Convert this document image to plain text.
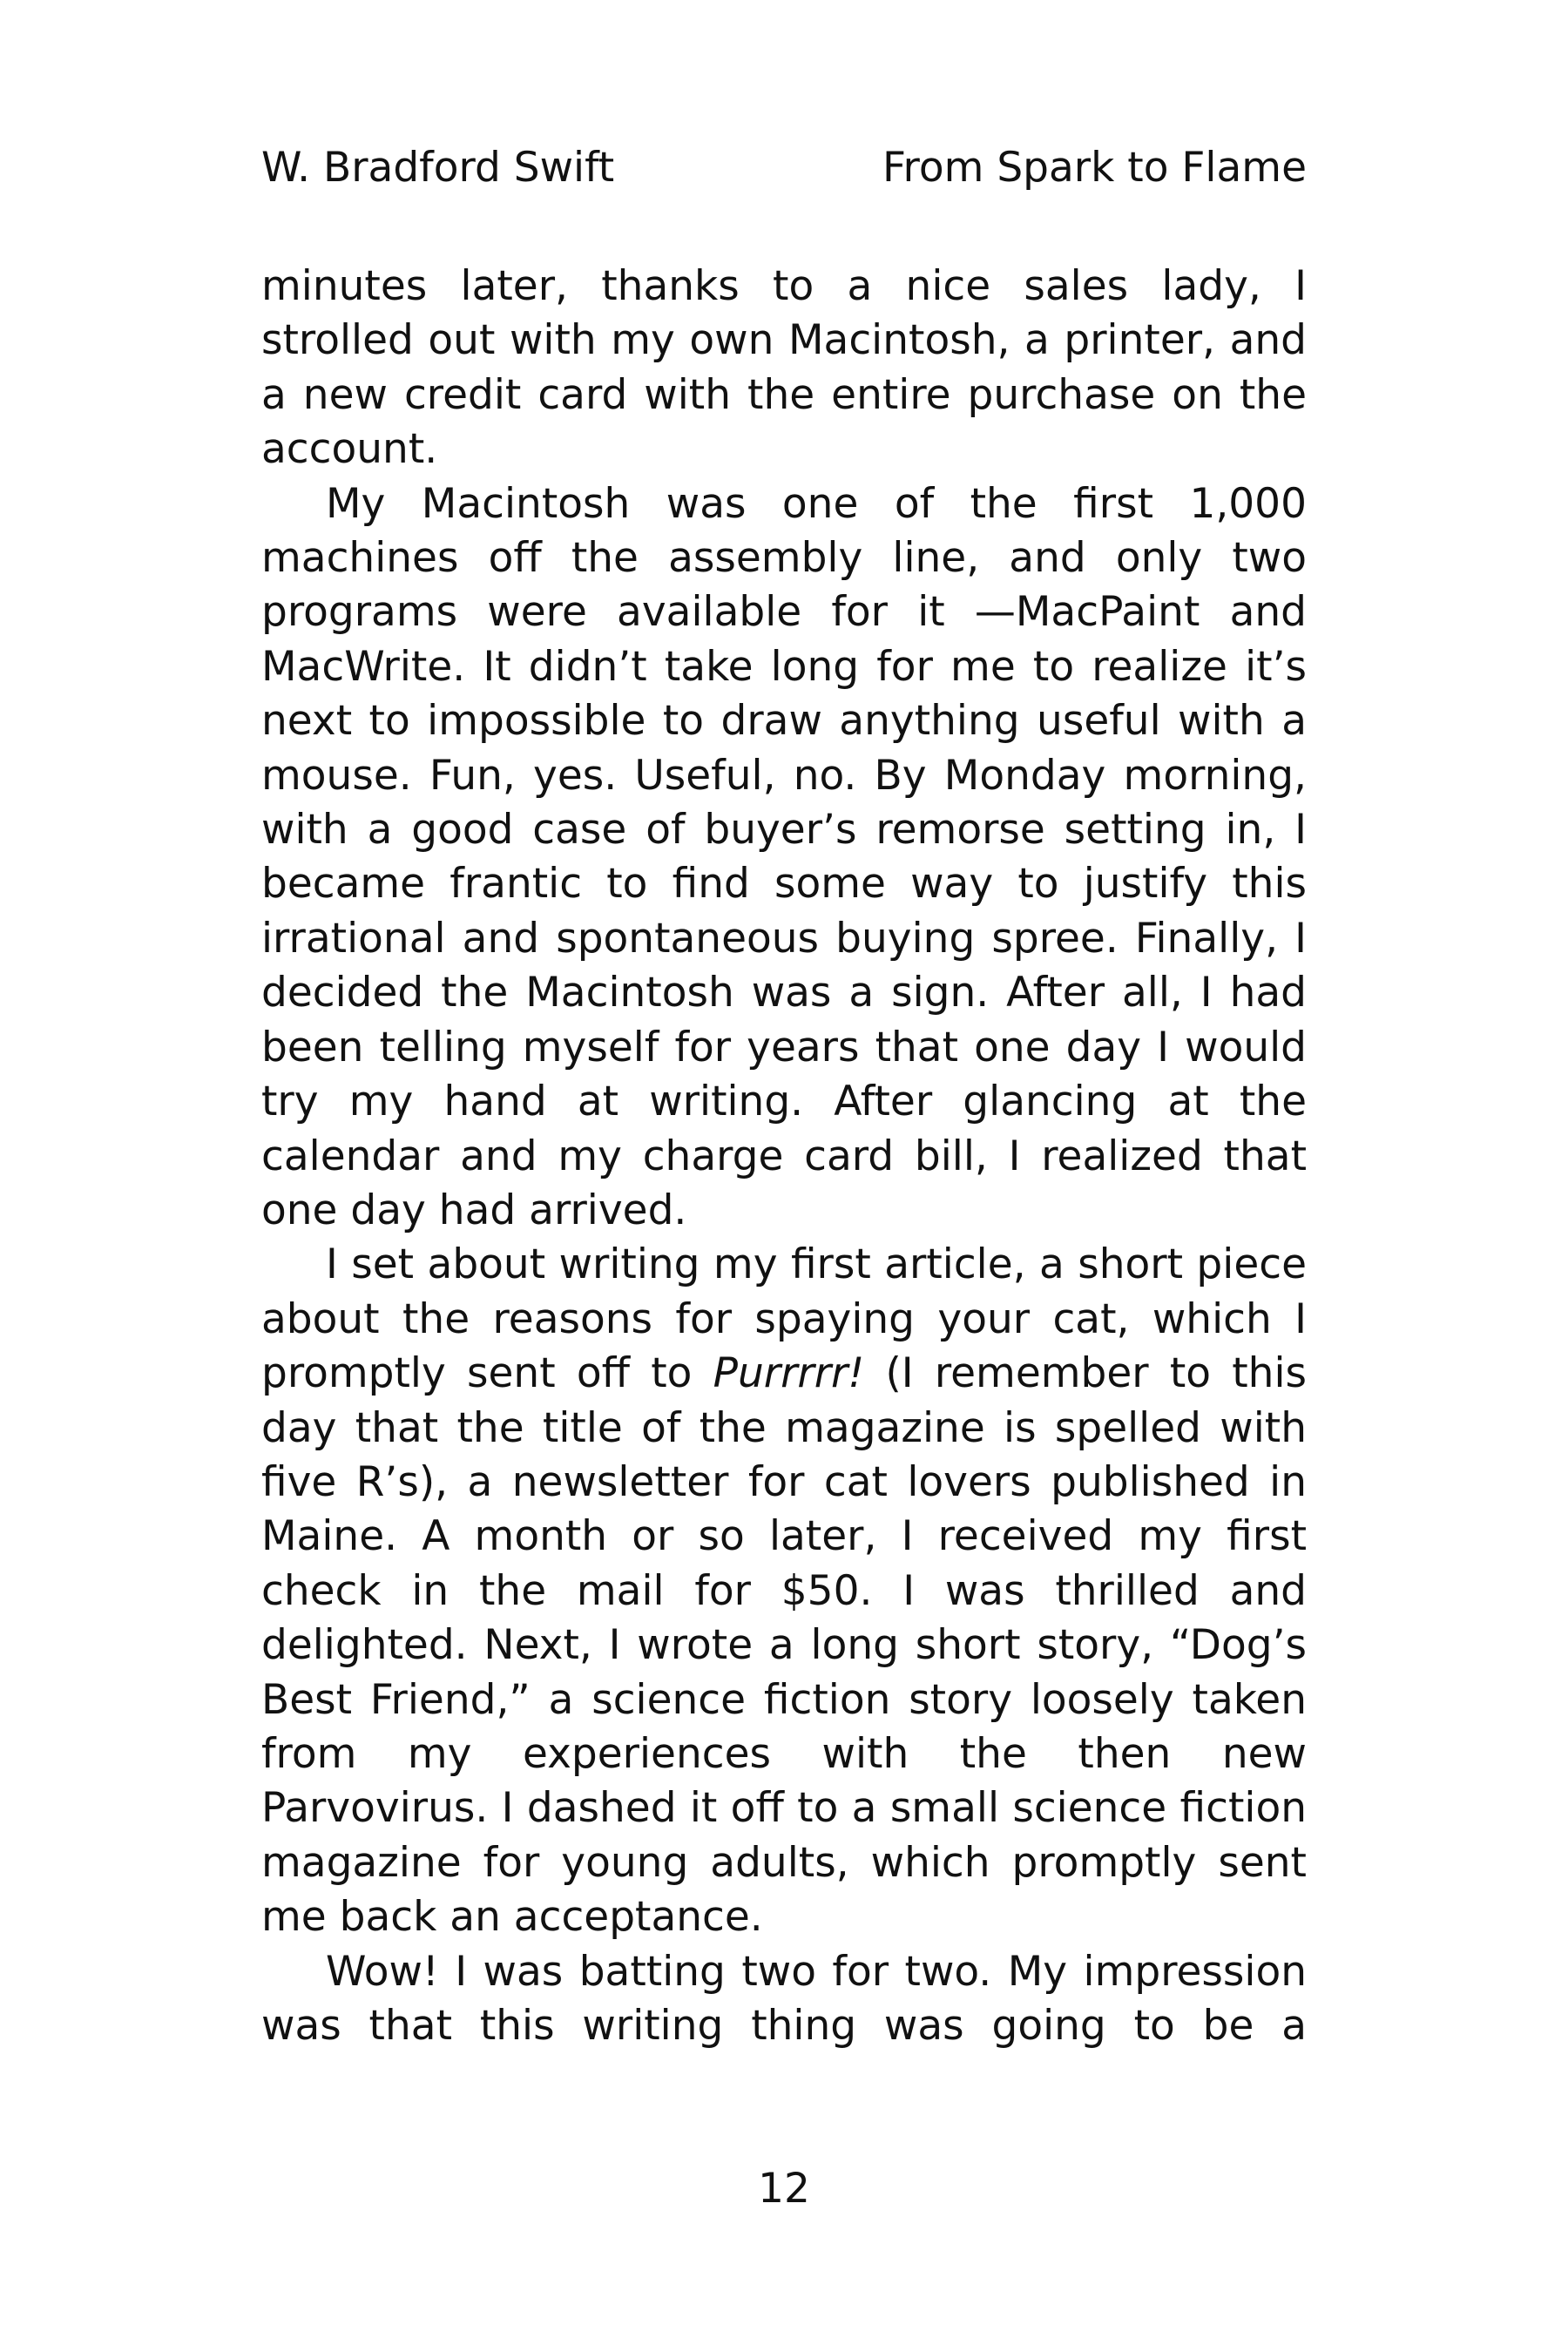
W. Bradford Swift	From Spark to Flame

minutes later, thanks to a nice sales lady, I strolled out with my own Macintosh, a printer, and a new credit card with the entire purchase on the account.

My Macintosh was one of the first 1,000 machines off the assembly line, and only two programs were available for it —MacPaint and MacWrite. It didn’t take long for me to realize it’s next to impossible to draw anything useful with a mouse. Fun, yes. Useful, no. By Monday morning, with a good case of buyer’s remorse setting in, I became frantic to find some way to justify this irrational and spontaneous buying spree. Finally, I decided the Macintosh was a sign. After all, I had been telling myself for years that one day I would try my hand at writing. After glancing at the calendar and my charge card bill, I realized that one day had arrived.

I set about writing my first article, a short piece about the reasons for spaying your cat, which I promptly sent off to Purrrrr! (I remember to this day that the title of the magazine is spelled with five R’s), a newsletter for cat lovers published in Maine. A month or so later, I received my first check in the mail for $50. I was thrilled and delighted. Next, I wrote a long short story, “Dog’s Best Friend,” a science fiction story loosely taken from my experiences with the then new Parvovirus. I dashed it off to a small science fiction magazine for young adults, which promptly sent me back an acceptance.

Wow! I was batting two for two. My impression was that this writing thing was going to be a

12
